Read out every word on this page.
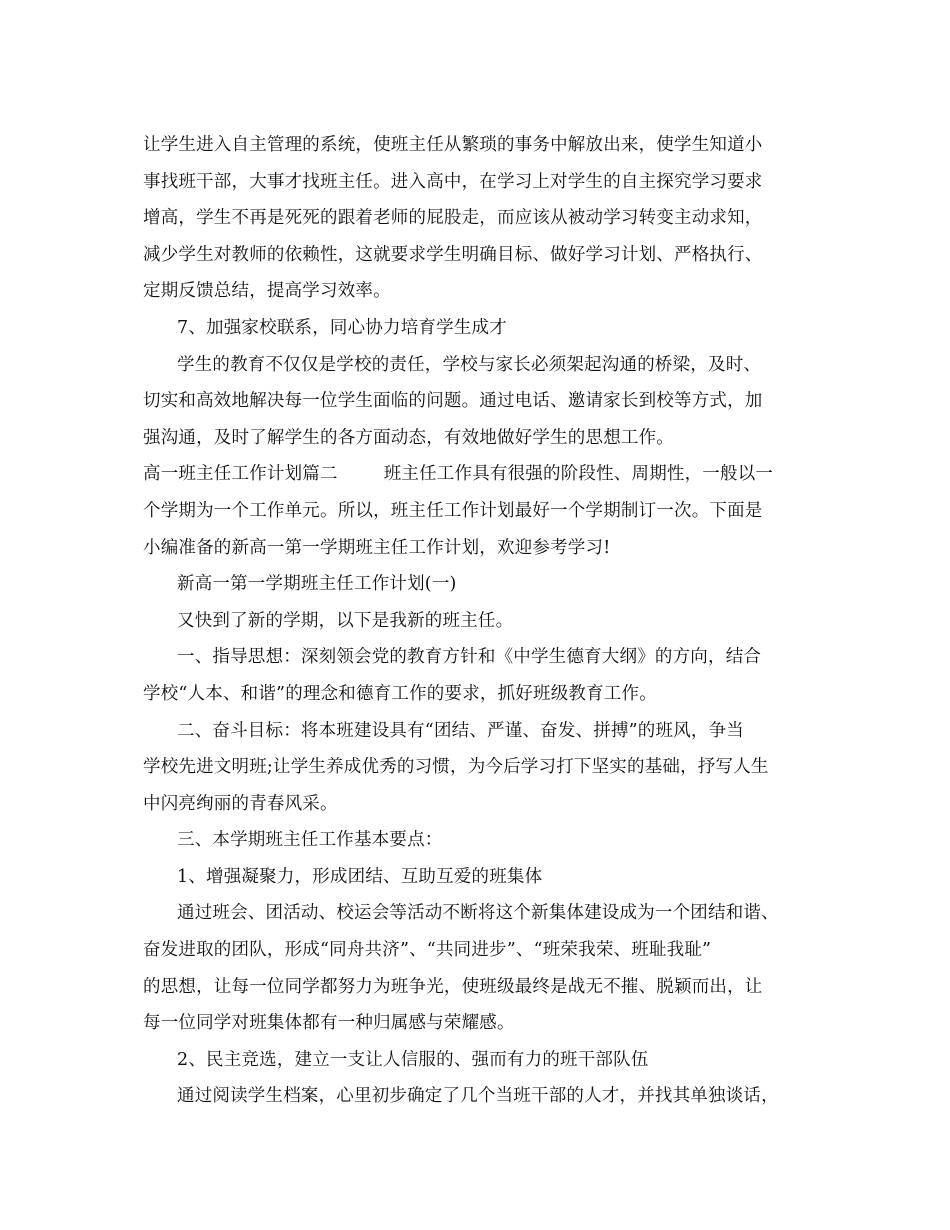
让学生进入自主管理的系统，使班主任从繁琐的事务中解放出来，使学生知道小
事找班干部，大事才找班主任。进入高中，在学习上对学生的自主探究学习要求
增高，学生不再是死死的跟着老师的屁股走，而应该从被动学习转变主动求知，
减少学生对教师的依赖性，这就要求学生明确目标、做好学习计划、严格执行、
定期反馈总结，提高学习效率。
7、加强家校联系，同心协力培育学生成才
学生的教育不仅仅是学校的责任，学校与家长必须架起沟通的桥梁，及时、
切实和高效地解决每一位学生面临的问题。通过电话、邀请家长到校等方式，加
强沟通，及时了解学生的各方面动态，有效地做好学生的思想工作。
高一班主任工作计划篇二	班主任工作具有很强的阶段性、周期性，一般以一
个学期为一个工作单元。所以，班主任工作计划最好一个学期制订一次。下面是
小编准备的新高一第一学期班主任工作计划，欢迎参考学习!
新高一第一学期班主任工作计划(一)
又快到了新的学期，以下是我新的班主任。
一、指导思想：深刻领会党的教育方针和《中学生德育大纲》的方向，结合
学校“人本、和谐”的理念和德育工作的要求，抓好班级教育工作。
二、奋斗目标：将本班建设具有“团结、严谨、奋发、拼搏”的班风，争当
学校先进文明班;让学生养成优秀的习惯，为今后学习打下坚实的基础，抒写人生
中闪亮绚丽的青春风采。
三、本学期班主任工作基本要点：
1、增强凝聚力，形成团结、互助互爱的班集体
通过班会、团活动、校运会等活动不断将这个新集体建设成为一个团结和谐、
奋发进取的团队，形成“同舟共济”、“共同进步”、“班荣我荣、班耻我耻”
的思想，让每一位同学都努力为班争光，使班级最终是战无不摧、脱颖而出，让
每一位同学对班集体都有一种归属感与荣耀感。
2、民主竞选，建立一支让人信服的、强而有力的班干部队伍
通过阅读学生档案，心里初步确定了几个当班干部的人才，并找其单独谈话，
